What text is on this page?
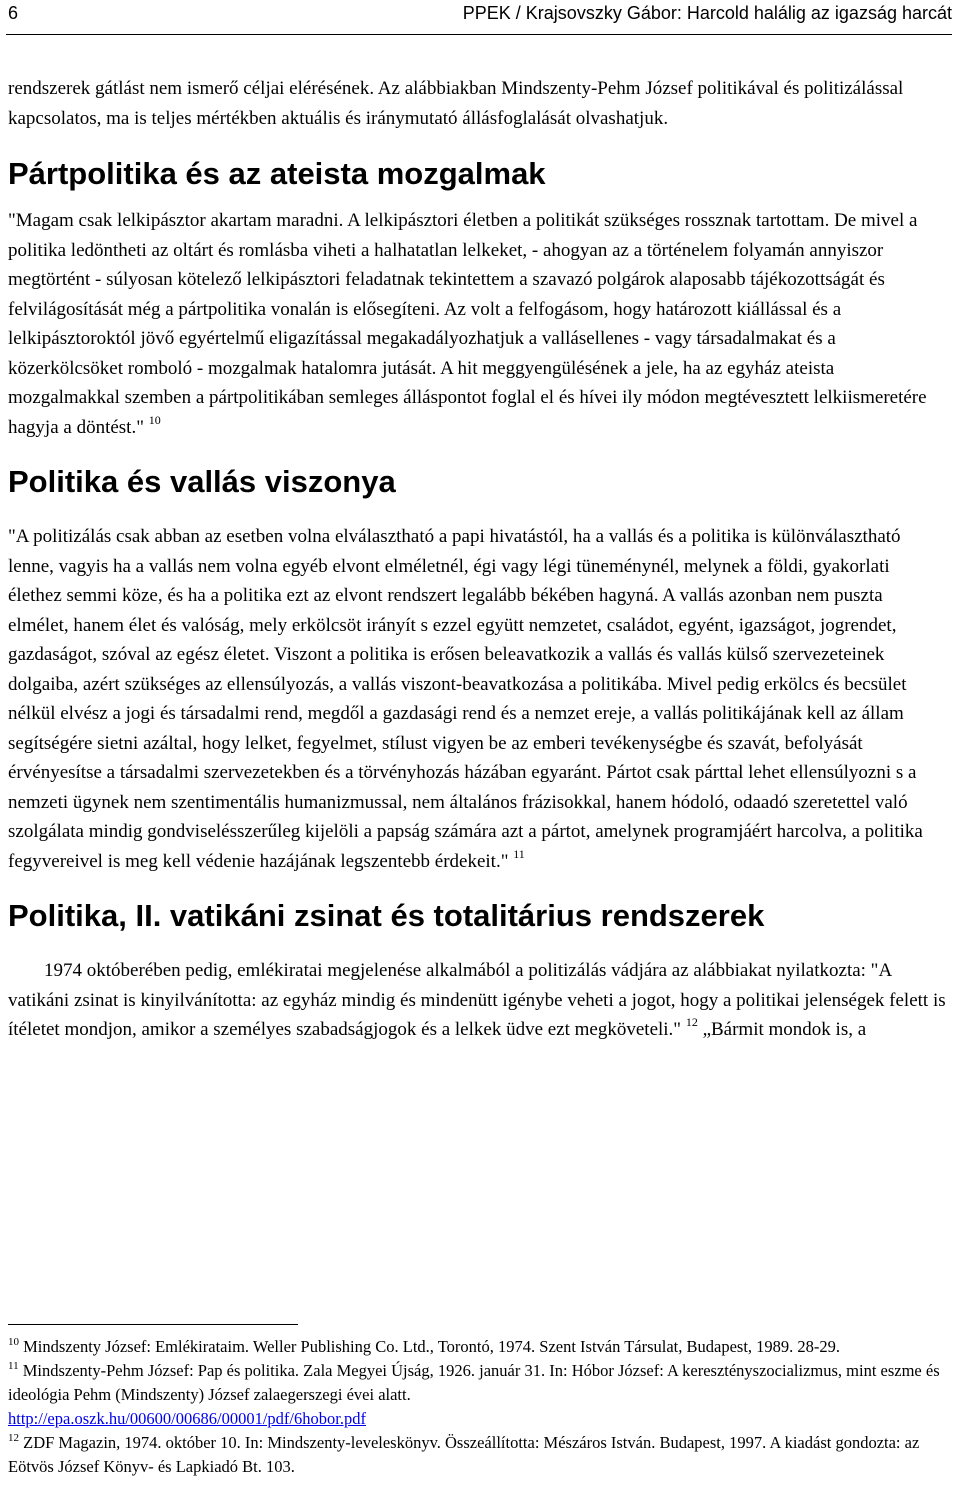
6	PPEK / Krajsovszky Gábor: Harcold halálig az igazság harcát

rendszerek gátlást nem ismerő céljai elérésének. Az alábbiakban Mindszenty-Pehm József politikával és politizálással kapcsolatos, ma is teljes mértékben aktuális és iránymutató állásfoglalását olvashatjuk.

Pártpolitika és az ateista mozgalmak

"Magam csak lelkipásztor akartam maradni. A lelkipásztori életben a politikát szükséges rossznak tartottam. De mivel a politika ledöntheti az oltárt és romlásba viheti a halhatatlan lelkeket, - ahogyan az a történelem folyamán annyiszor megtörtént - súlyosan kötelező lelkipásztori feladatnak tekintettem a szavazó polgárok alaposabb tájékozottságát és felvilágosítását még a pártpolitika vonalán is elősegíteni. Az volt a felfogásom, hogy határozott kiállással és a lelkipásztoroktól jövő egyértelmű eligazítással megakadályozhatjuk a vallásellenes - vagy társadalmakat és a közerkölcsöket romboló - mozgalmak hatalomra jutását. A hit meggyengülésének a jele, ha az egyház ateista mozgalmakkal szemben a pártpolitikában semleges álláspontot foglal el és hívei ily módon megtévesztett lelkiismeretére hagyja a döntést." $^{10}$

Politika és vallás viszonya

"A politizálás csak abban az esetben volna elválasztható a papi hivatástól, ha a vallás és a politika is különválasztható lenne, vagyis ha a vallás nem volna egyéb elvont elméletnél, égi vagy légi tüneménynél, melynek a földi, gyakorlati élethez semmi köze, és ha a politika ezt az elvont rendszert legalább békében hagyná. A vallás azonban nem puszta elmélet, hanem élet és valóság, mely erkölcsöt irányít s ezzel együtt nemzetet, családot, egyént, igazságot, jogrendet, gazdaságot, szóval az egész életet. Viszont a politika is erősen beleavatkozik a vallás és vallás külső szervezeteinek dolgaiba, azért szükséges az ellensúlyozás, a vallás viszont-beavatkozása a politikába. Mivel pedig erkölcs és becsület nélkül elvész a jogi és társadalmi rend, megdől a gazdasági rend és a nemzet ereje, a vallás politikájának kell az állam segítségére sietni azáltal, hogy lelket, fegyelmet, stílust vigyen be az emberi tevékenységbe és szavát, befolyását érvényesítse a társadalmi szervezetekben és a törvényhozás házában egyaránt. Pártot csak párttal lehet ellensúlyozni s a nemzeti ügynek nem szentimentális humanizmussal, nem általános frázisokkal, hanem hódoló, odaadó szeretettel való szolgálata mindig gondviselésszerűleg kijelöli a papság számára azt a pártot, amelynek programjáért harcolva, a politika fegyvereivel is meg kell védenie hazájának legszentebb érdekeit." $^{11}$

Politika, II. vatikáni zsinat és totalitárius rendszerek

1974 októberében pedig, emlékiratai megjelenése alkalmából a politizálás vádjára az alábbiakat nyilatkozta: "A vatikáni zsinat is kinyilvánította: az egyház mindig és mindenütt igénybe veheti a jogot, hogy a politikai jelenségek felett is ítéletet mondjon, amikor a személyes szabadságjogok és a lelkek üdve ezt megköveteli." $^{12}$ „Bármit mondok is, a

$^{10}$ Mindszenty József: Emlékirataim. Weller Publishing Co. Ltd., Torontó, 1974. Szent István Társulat, Budapest, 1989. 28-29.

$^{11}$ Mindszenty-Pehm József: Pap és politika. Zala Megyei Újság, 1926. január 31. In: Hóbor József: A keresztényszocializmus, mint eszme és ideológia Pehm (Mindszenty) József zalaegerszegi évei alatt.
http://epa.oszk.hu/00600/00686/00001/pdf/6hobor.pdf

$^{12}$ ZDF Magazin, 1974. október 10. In: Mindszenty-leveleskönyv. Összeállította: Mészáros István. Budapest, 1997. A kiadást gondozta: az Eötvös József Könyv- és Lapkiadó Bt. 103.
